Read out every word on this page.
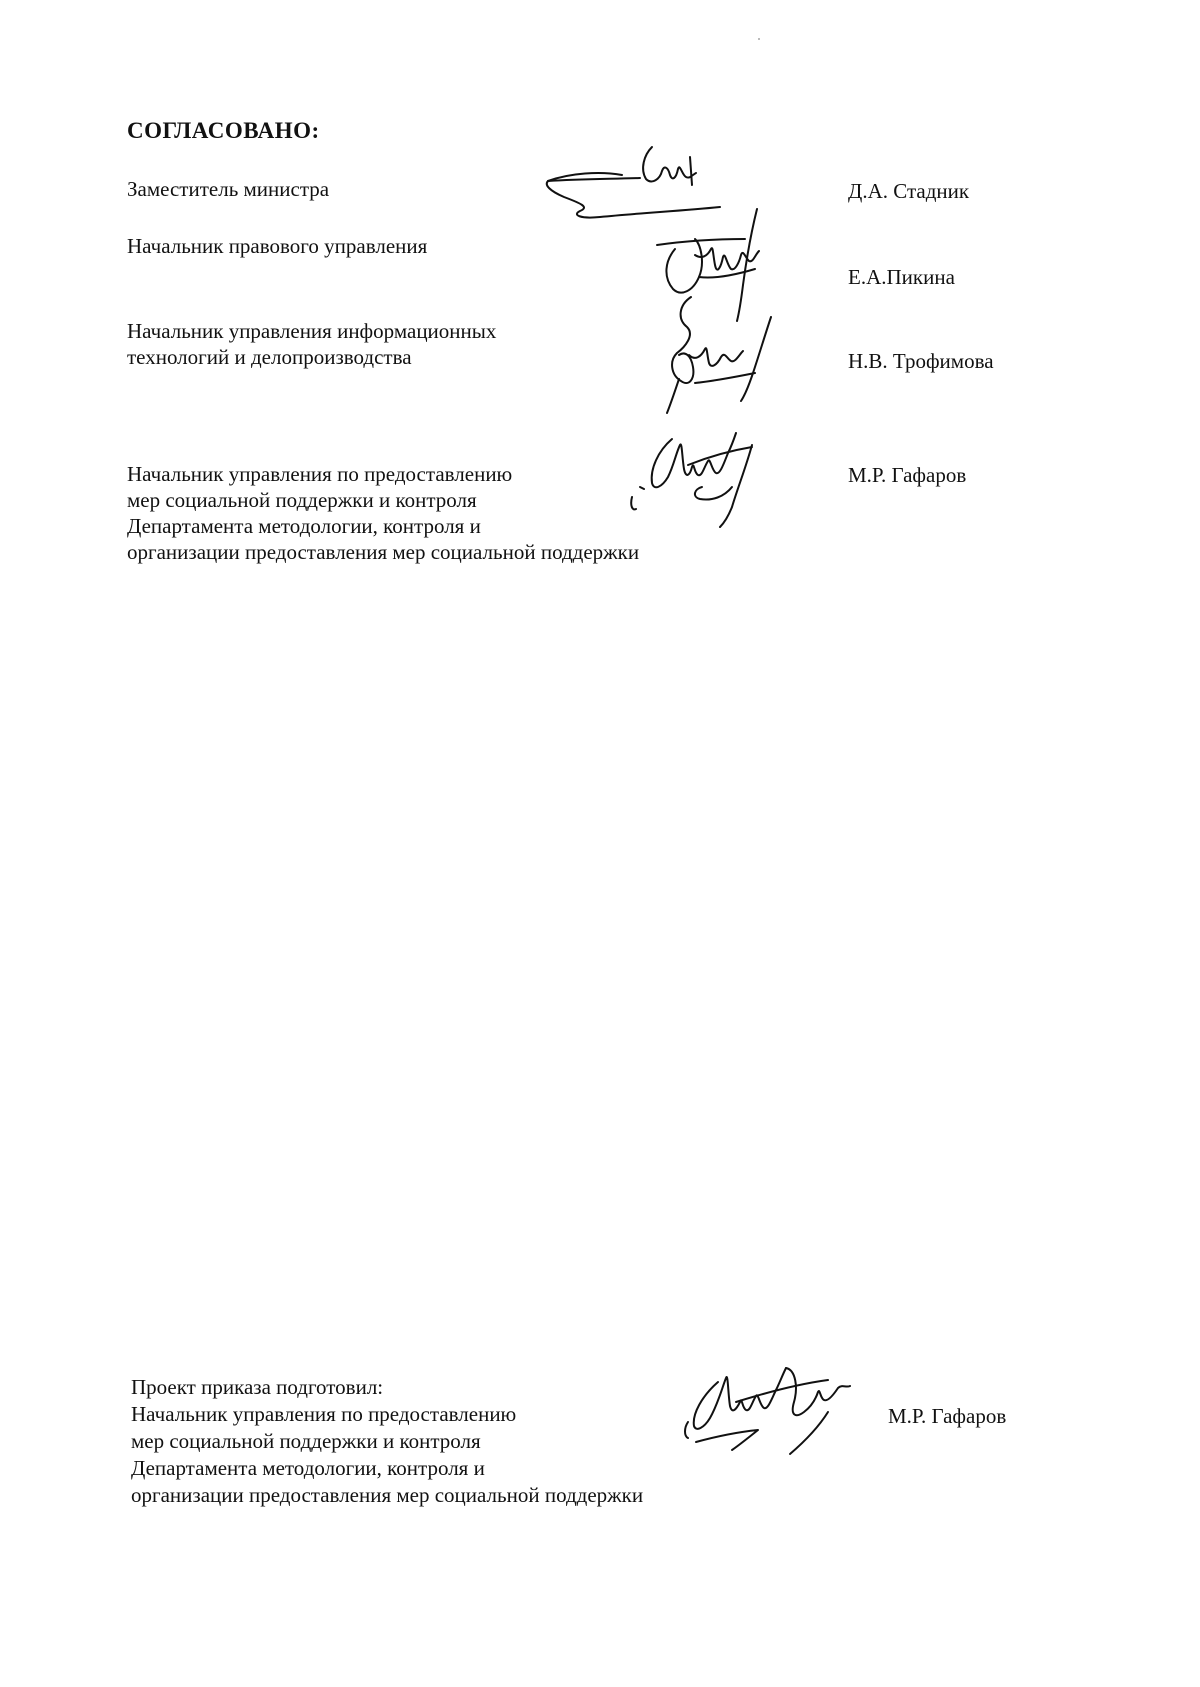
СОГЛАСОВАНО:
Заместитель министра	Д.А. Стадник
Начальник правового управления
Е.А.Пикина
Начальник управления информационных
технологий и делопроизводства	Н.В. Трофимова
Начальник управления по предоставлению
мер социальной поддержки и контроля
Департамента методологии, контроля и
организации предоставления мер социальной поддержки
М.Р. Гафаров
Проект приказа подготовил:
Начальник управления по предоставлению
мер социальной поддержки и контроля
Департамента методологии, контроля и
организации предоставления мер социальной поддержки
М.Р. Гафаров
